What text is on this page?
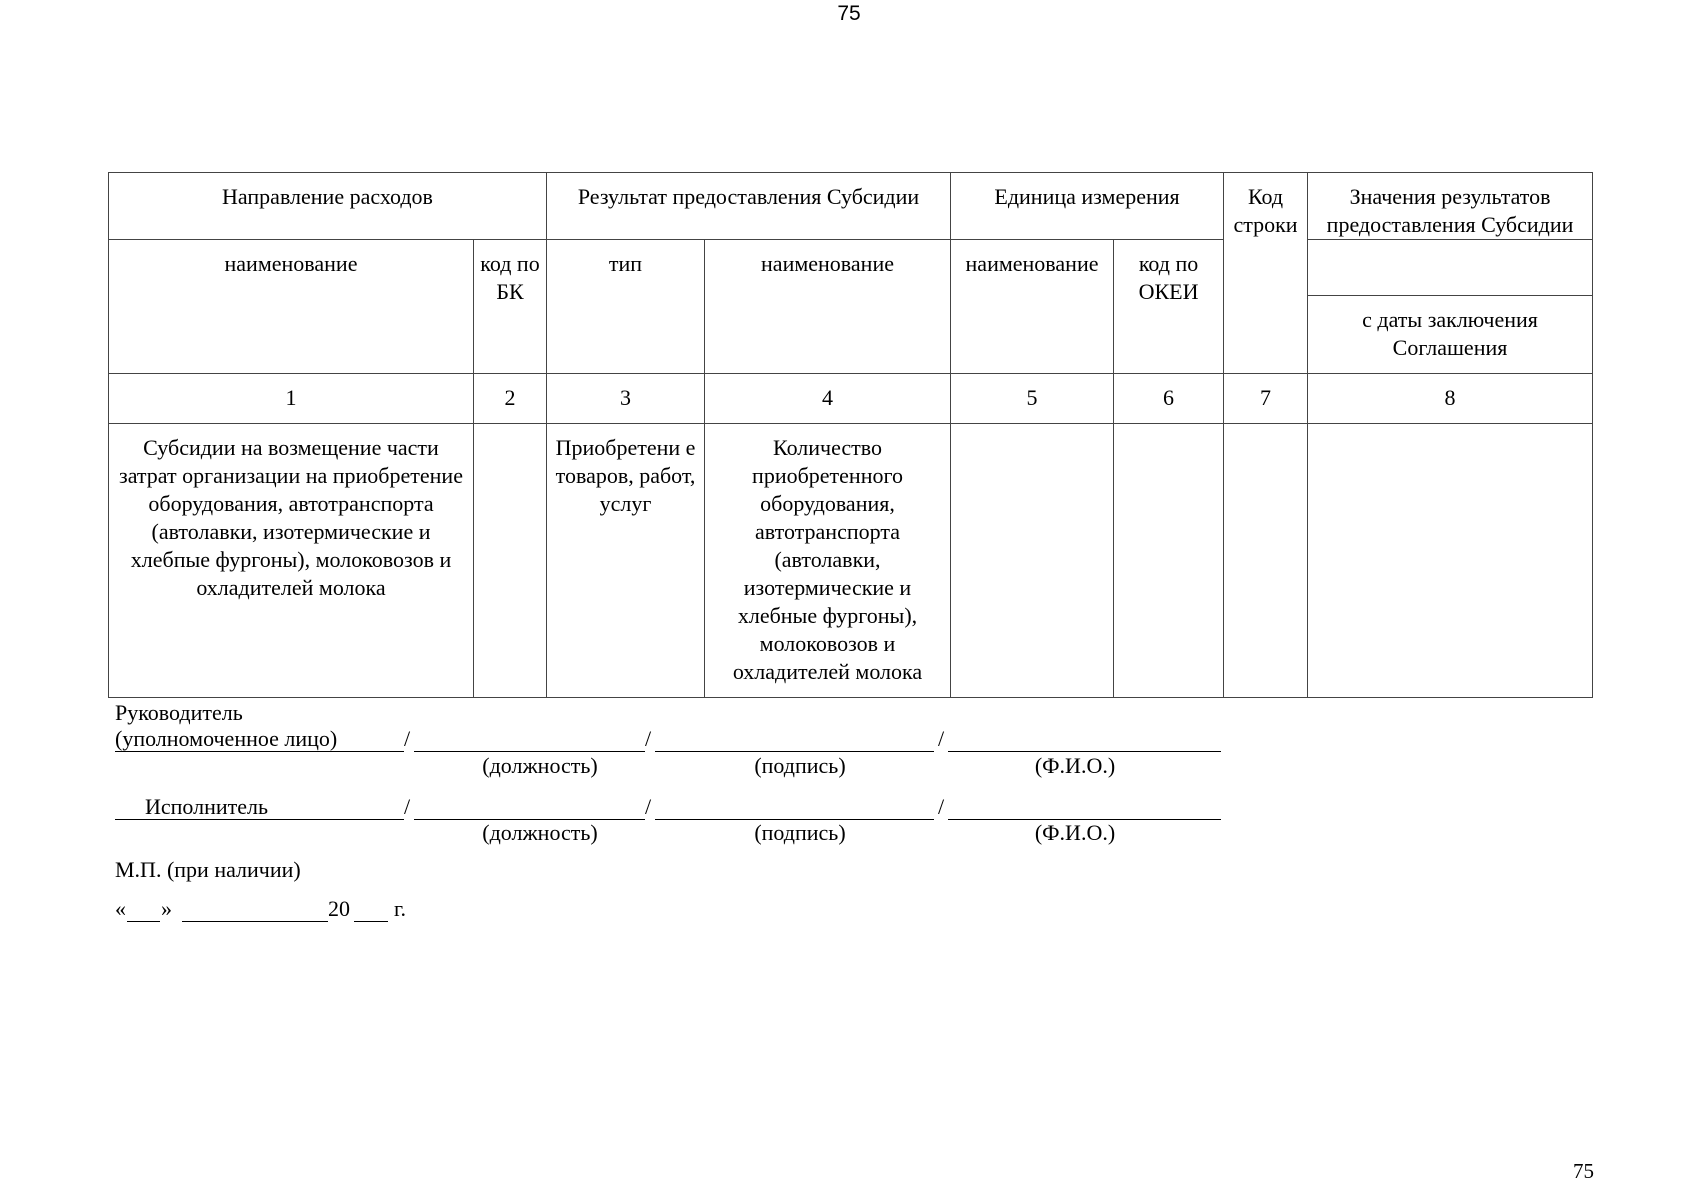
75
Направление расходов		Результат предоставления Субсидии		Единица измерения		Код строки	Значения результатов предоставления Субсидии
наименование	код по БК	тип	наименование	наименование	код по ОКЕИ		
							с даты заключения Соглашения
1	2	3	4	5	6	7	8
Субсидии на возмещение части затрат организации на приобретение оборудования, автотранспорта (автолавки, изотермические и хлебпые фургоны), молоковозов и охладителей молока		Приобретени е товаров, работ, услуг	Количество приобретенного оборудования, автотранспорта (автолавки, изотермические и хлебные фургоны), молоковозов и охладителей молока				
Руководитель
(уполномоченное лицо)	/	/	/
(должность)	(подпись)	(Ф.И.О.)
Исполнитель	/	/	/
(должность)	(подпись)	(Ф.И.О.)
М.П. (при наличии)
« »	20 г.
75
